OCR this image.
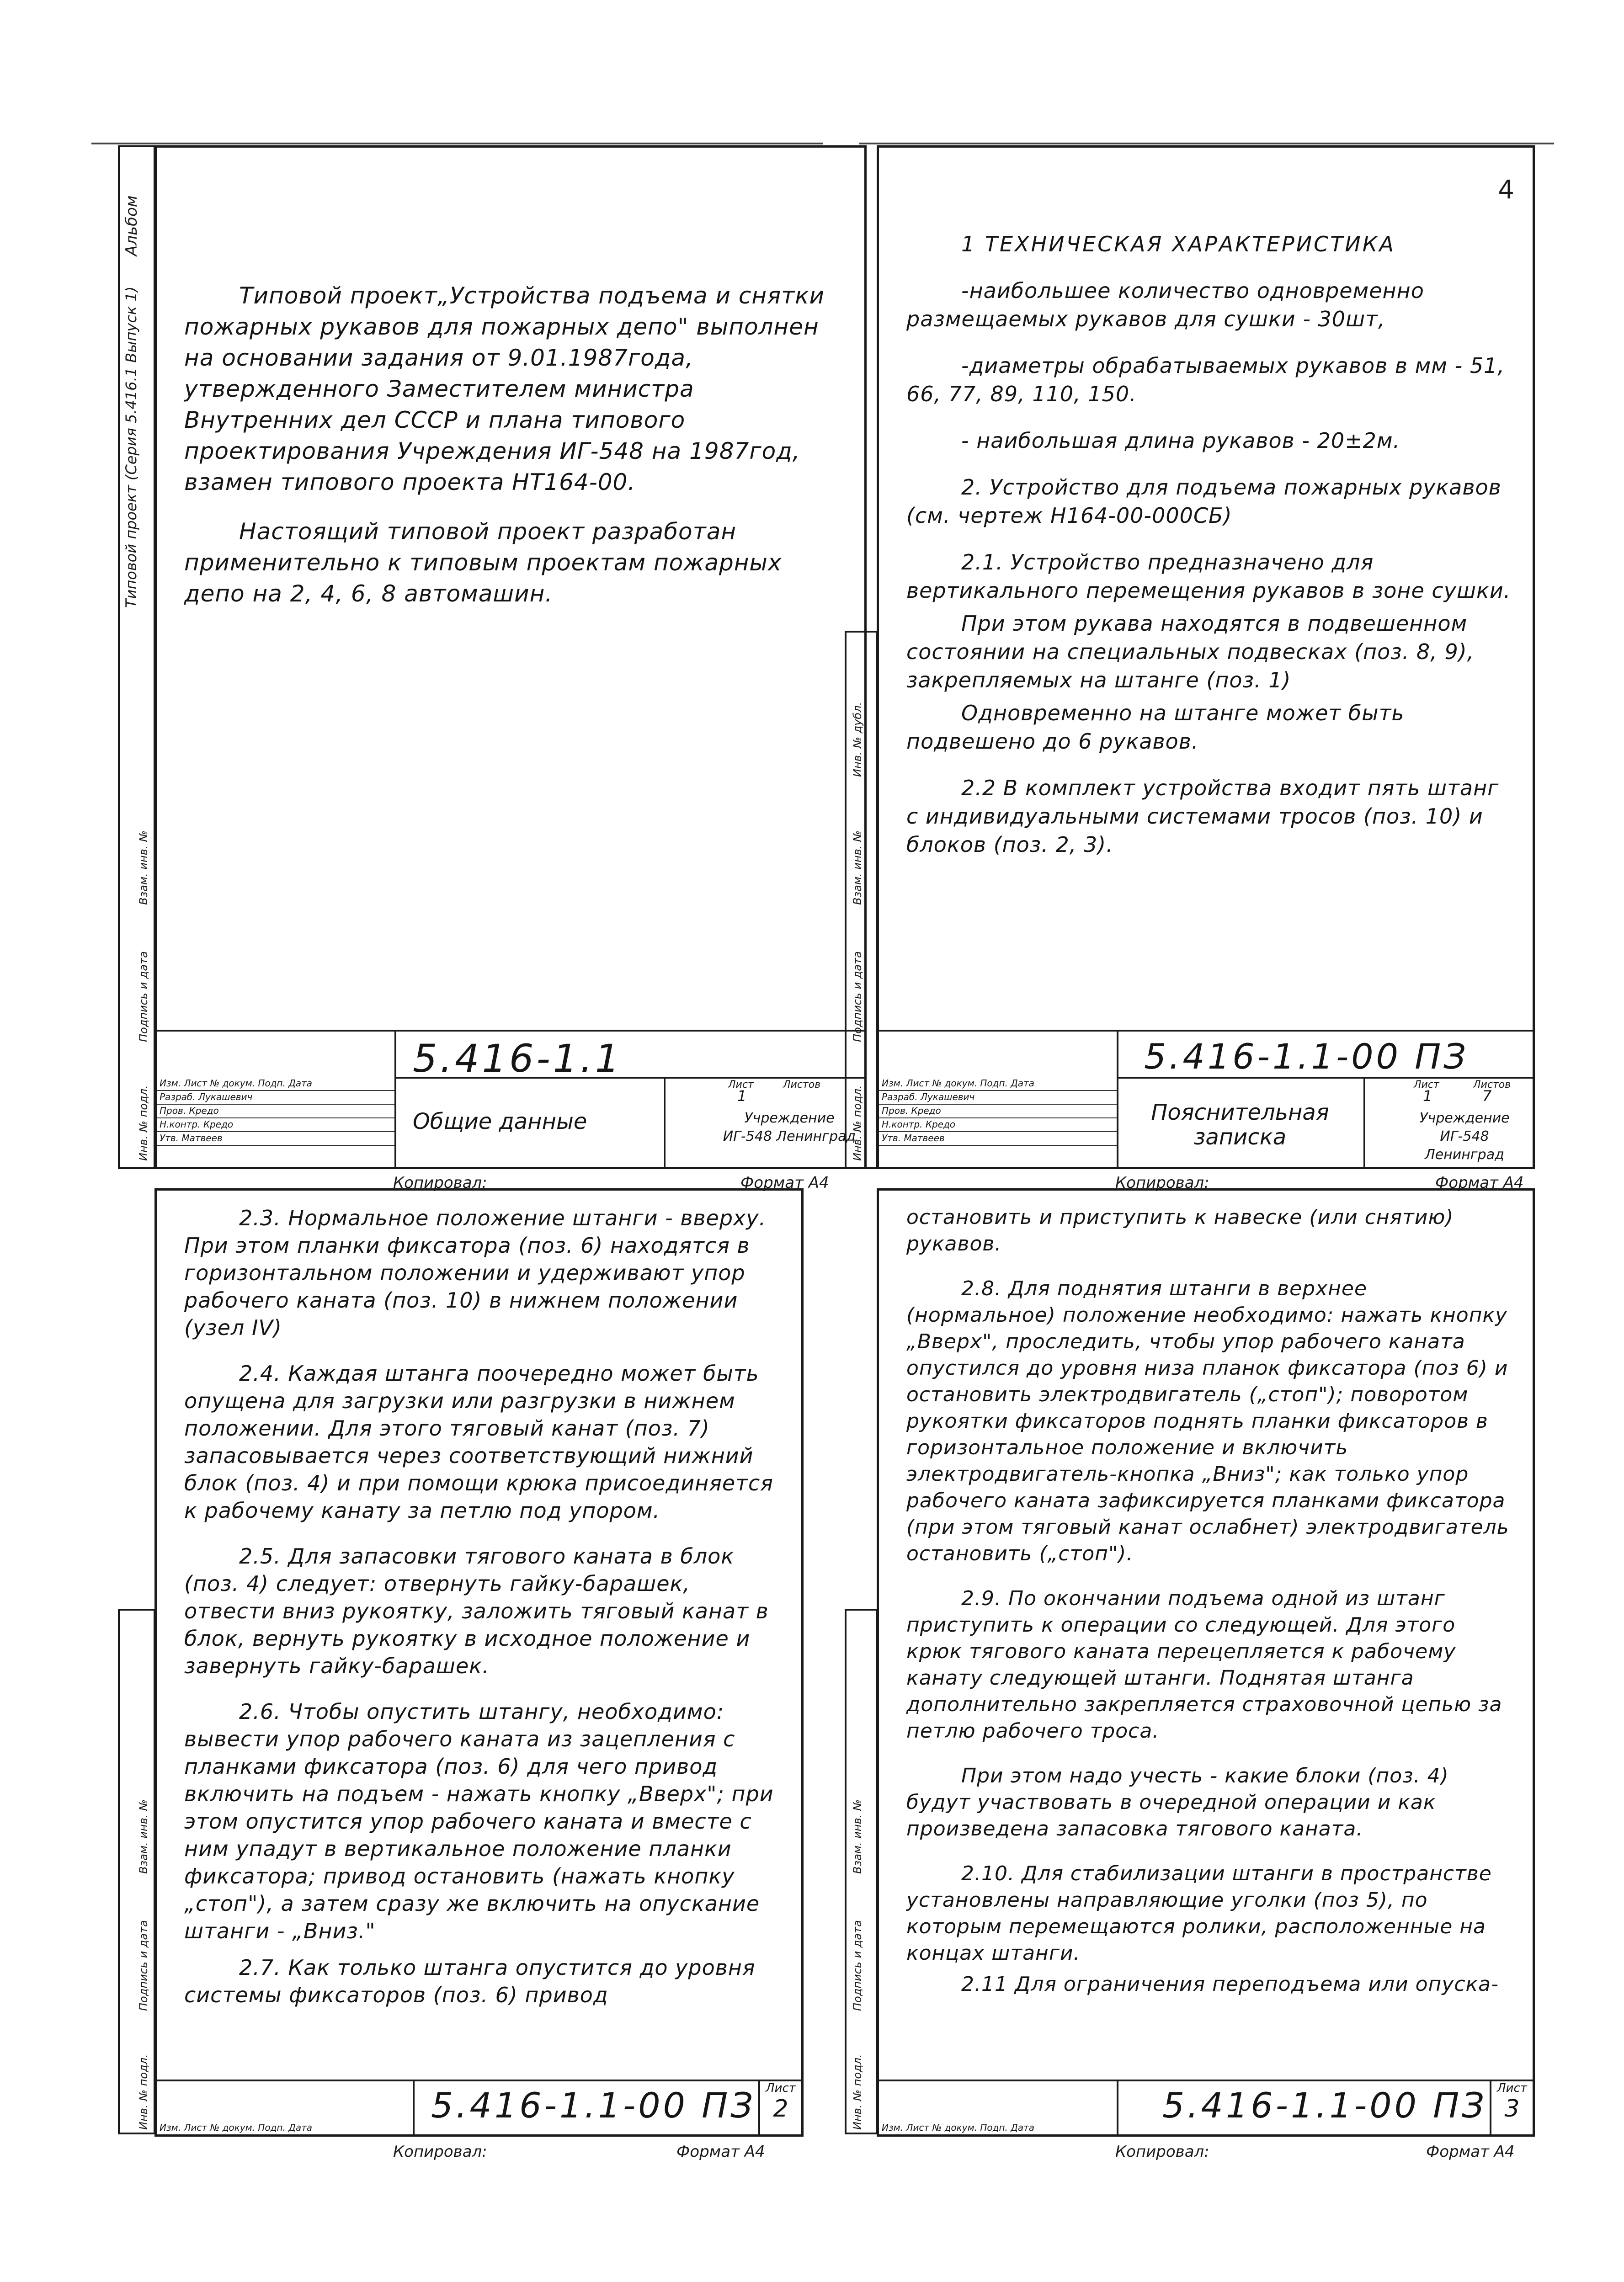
Альбом
Типовой проект (Серия 5.416.1 Выпуск 1)
Инв. № подл.
Подпись и дата
Взам. инв. №

Типовой проект„Устройства подъема и снятки пожарных рукавов для пожарных депо" выполнен на основании задания от 9.01.1987года, утвержденного Заместителем министра Внутренних дел СССР и плана типового проектирования Учреждения ИГ-548 на 1987год, взамен типового проекта НТ164-00.

Настоящий типовой проект разработан применительно к типовым проектам пожарных депо на 2, 4, 6, 8 автомашин.

Изм. Лист № докум. Подп. Дата
Разраб. Лукашевич
Пров. Кредо
Н.контр. Кредо
Утв. Матвеев
5.416-1.1
Общие данные
Лист	Листов
1
Учреждение ИГ-548 Ленинград
Копировал:	Формат А4
Инв. № подл.
Подпись и дата
Взам. инв. №
Инв. № дубл.
4

1 ТЕХНИЧЕСКАЯ ХАРАКТЕРИСТИКА

-наибольшее количество одновременно размещаемых рукавов для сушки - 30шт,

-диаметры обрабатываемых рукавов в мм - 51, 66, 77, 89, 110, 150.

- наибольшая длина рукавов - 20±2м.

2. Устройство для подъема пожарных рукавов (см. чертеж Н164-00-000СБ)

2.1. Устройство предназначено для вертикального перемещения рукавов в зоне сушки.

При этом рукава находятся в подвешенном состоянии на специальных подвесках (поз. 8, 9), закрепляемых на штанге (поз. 1)

Одновременно на штанге может быть подвешено до 6 рукавов.

2.2 В комплект устройства входит пять штанг с индивидуальными системами тросов (поз. 10) и блоков (поз. 2, 3).

Изм. Лист № докум. Подп. Дата
Разраб. Лукашевич
Пров. Кредо
Н.контр. Кредо
Утв. Матвеев
5.416-1.1-00 ПЗ
Пояснительная записка
Лист	Листов
1	7
Учреждение ИГ-548 Ленинград
Копировал:	Формат А4
Инв. № подл.
Подпись и дата
Взам. инв. №

2.3. Нормальное положение штанги - вверху. При этом планки фиксатора (поз. 6) находятся в горизонтальном положении и удерживают упор рабочего каната (поз. 10) в нижнем положении (узел IV)

2.4. Каждая штанга поочередно может быть опущена для загрузки или разгрузки в нижнем положении. Для этого тяговый канат (поз. 7) запасовывается через соответствующий нижний блок (поз. 4) и при помощи крюка присоединяется к рабочему канату за петлю под упором.

2.5. Для запасовки тягового каната в блок (поз. 4) следует: отвернуть гайку-барашек, отвести вниз рукоятку, заложить тяговый канат в блок, вернуть рукоятку в исходное положение и завернуть гайку-барашек.

2.6. Чтобы опустить штангу, необходимо: вывести упор рабочего каната из зацепления с планками фиксатора (поз. 6) для чего привод включить на подъем - нажать кнопку „Вверх"; при этом опустится упор рабочего каната и вместе с ним упадут в вертикальное положение планки фиксатора; привод остановить (нажать кнопку „стоп"), а затем сразу же включить на опускание штанги - „Вниз."

2.7. Как только штанга опустится до уровня системы фиксаторов (поз. 6) привод

Изм. Лист № докум. Подп. Дата
5.416-1.1-00 ПЗ Лист
2
Копировал:	Формат А4
Инв. № подл.
Подпись и дата
Взам. инв. №

остановить и приступить к навеске (или снятию) рукавов.

2.8. Для поднятия штанги в верхнее (нормальное) положение необходимо: нажать кнопку „Вверх", проследить, чтобы упор рабочего каната опустился до уровня низа планок фиксатора (поз 6) и остановить электродвигатель („стоп"); поворотом рукоятки фиксаторов поднять планки фиксаторов в горизонтальное положение и включить электродвигатель-кнопка „Вниз"; как только упор рабочего каната зафиксируется планками фиксатора (при этом тяговый канат ослабнет) электродвигатель остановить („стоп").

2.9. По окончании подъема одной из штанг приступить к операции со следующей. Для этого крюк тягового каната перецепляется к рабочему канату следующей штанги. Поднятая штанга дополнительно закрепляется страховочной цепью за петлю рабочего троса.

При этом надо учесть - какие блоки (поз. 4) будут участвовать в очередной операции и как произведена запасовка тягового каната.

2.10. Для стабилизации штанги в пространстве установлены направляющие уголки (поз 5), по которым перемещаются ролики, расположенные на концах штанги.

2.11 Для ограничения переподъема или опуска-

Изм. Лист № докум. Подп. Дата
5.416-1.1-00 ПЗ Лист
3
Копировал:	Формат А4
